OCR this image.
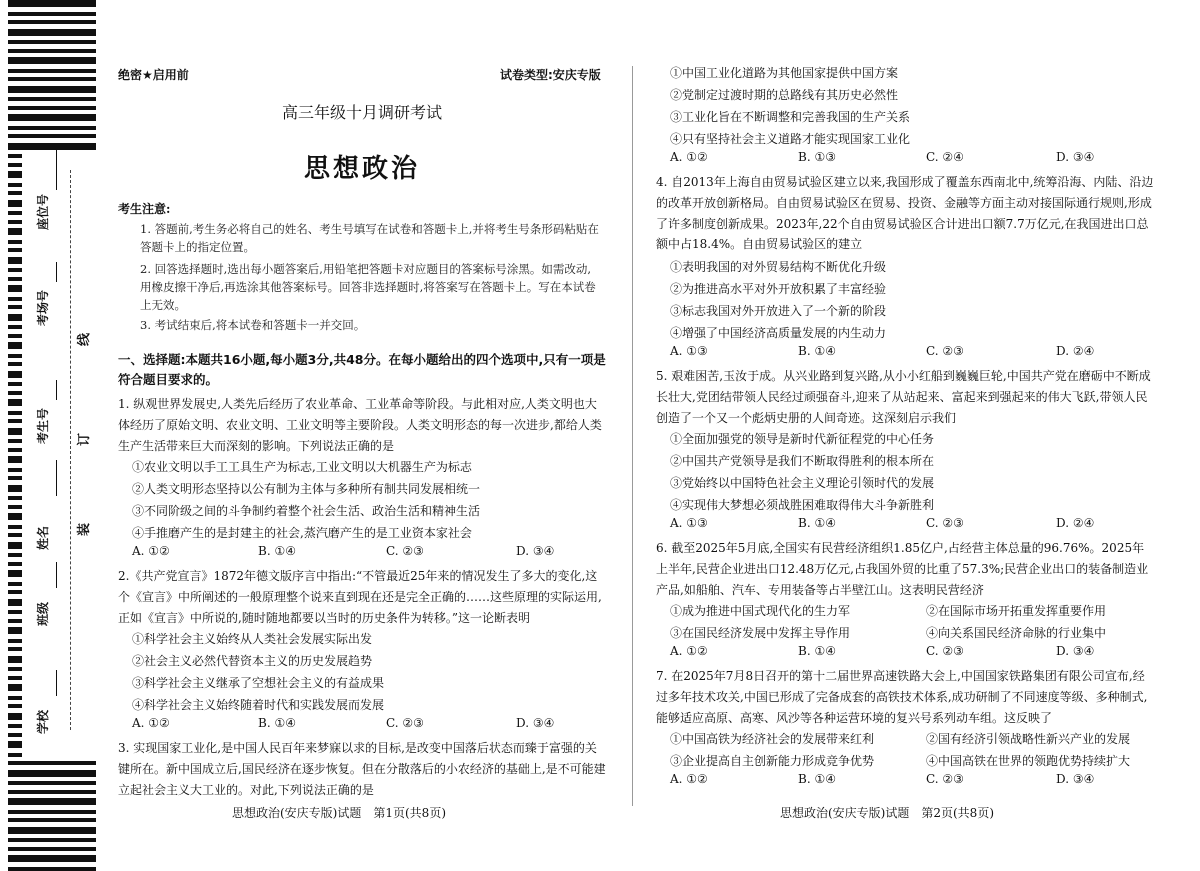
座位号
考场号
考生号
姓名
班级
学校
线
订
装
绝密★启用前	试卷类型:安庆专版
高三年级十月调研考试
思想政治
考生注意:
1. 答题前,考生务必将自己的姓名、考生号填写在试卷和答题卡上,并将考生号条形码粘贴在答题卡上的指定位置。
2. 回答选择题时,选出每小题答案后,用铅笔把答题卡对应题目的答案标号涂黑。如需改动,用橡皮擦干净后,再选涂其他答案标号。回答非选择题时,将答案写在答题卡上。写在本试卷上无效。
3. 考试结束后,将本试卷和答题卡一并交回。
一、选择题:本题共16小题,每小题3分,共48分。在每小题给出的四个选项中,只有一项是符合题目要求的。
1. 纵观世界发展史,人类先后经历了农业革命、工业革命等阶段。与此相对应,人类文明也大体经历了原始文明、农业文明、工业文明等主要阶段。人类文明形态的每一次进步,都给人类生产生活带来巨大而深刻的影响。下列说法正确的是
①农业文明以手工工具生产为标志,工业文明以大机器生产为标志
②人类文明形态坚持以公有制为主体与多种所有制共同发展相统一
③不同阶级之间的斗争制约着整个社会生活、政治生活和精神生活
④手推磨产生的是封建主的社会,蒸汽磨产生的是工业资本家社会
A. ①②	B. ①④	C. ②③	D. ③④
2.《共产党宣言》1872年德文版序言中指出:“不管最近25年来的情况发生了多大的变化,这个《宣言》中所阐述的一般原理整个说来直到现在还是完全正确的……这些原理的实际运用,正如《宣言》中所说的,随时随地都要以当时的历史条件为转移。”这一论断表明
①科学社会主义始终从人类社会发展实际出发
②社会主义必然代替资本主义的历史发展趋势
③科学社会主义继承了空想社会主义的有益成果
④科学社会主义始终随着时代和实践发展而发展
A. ①②	B. ①④	C. ②③	D. ③④
3. 实现国家工业化,是中国人民百年来梦寐以求的目标,是改变中国落后状态而臻于富强的关键所在。新中国成立后,国民经济在逐步恢复。但在分散落后的小农经济的基础上,是不可能建立起社会主义大工业的。对此,下列说法正确的是
思想政治(安庆专版)试题　第1页(共8页)
①中国工业化道路为其他国家提供中国方案
②党制定过渡时期的总路线有其历史必然性
③工业化旨在不断调整和完善我国的生产关系
④只有坚持社会主义道路才能实现国家工业化
A. ①②	B. ①③	C. ②④	D. ③④
4. 自2013年上海自由贸易试验区建立以来,我国形成了覆盖东西南北中,统筹沿海、内陆、沿边的改革开放创新格局。自由贸易试验区在贸易、投资、金融等方面主动对接国际通行规则,形成了许多制度创新成果。2023年,22个自由贸易试验区合计进出口额7.7万亿元,在我国进出口总额中占18.4%。自由贸易试验区的建立
①表明我国的对外贸易结构不断优化升级
②为推进高水平对外开放积累了丰富经验
③标志我国对外开放进入了一个新的阶段
④增强了中国经济高质量发展的内生动力
A. ①③	B. ①④	C. ②③	D. ②④
5. 艰难困苦,玉汝于成。从兴业路到复兴路,从小小红船到巍巍巨轮,中国共产党在磨砺中不断成长壮大,党团结带领人民经过顽强奋斗,迎来了从站起来、富起来到强起来的伟大飞跃,带领人民创造了一个又一个彪炳史册的人间奇迹。这深刻启示我们
①全面加强党的领导是新时代新征程党的中心任务
②中国共产党领导是我们不断取得胜利的根本所在
③党始终以中国特色社会主义理论引领时代的发展
④实现伟大梦想必须战胜困难取得伟大斗争新胜利
A. ①③	B. ①④	C. ②③	D. ②④
6. 截至2025年5月底,全国实有民营经济组织1.85亿户,占经营主体总量的96.76%。2025年上半年,民营企业进出口12.48万亿元,占我国外贸的比重了57.3%;民营企业出口的装备制造业产品,如船舶、汽车、专用装备等占半壁江山。这表明民营经济
①成为推进中国式现代化的生力军	②在国际市场开拓重发挥重要作用
③在国民经济发展中发挥主导作用	④向关系国民经济命脉的行业集中
A. ①②	B. ①④	C. ②③	D. ③④
7. 在2025年7月8日召开的第十二届世界高速铁路大会上,中国国家铁路集团有限公司宣布,经过多年技术攻关,中国已形成了完备成套的高铁技术体系,成功研制了不同速度等级、多种制式,能够适应高原、高寒、风沙等各种运营环境的复兴号系列动车组。这反映了
①中国高铁为经济社会的发展带来红利	②国有经济引领战略性新兴产业的发展
③企业提高自主创新能力形成竞争优势	④中国高铁在世界的领跑优势持续扩大
A. ①②	B. ①④	C. ②③	D. ③④
思想政治(安庆专版)试题　第2页(共8页)
